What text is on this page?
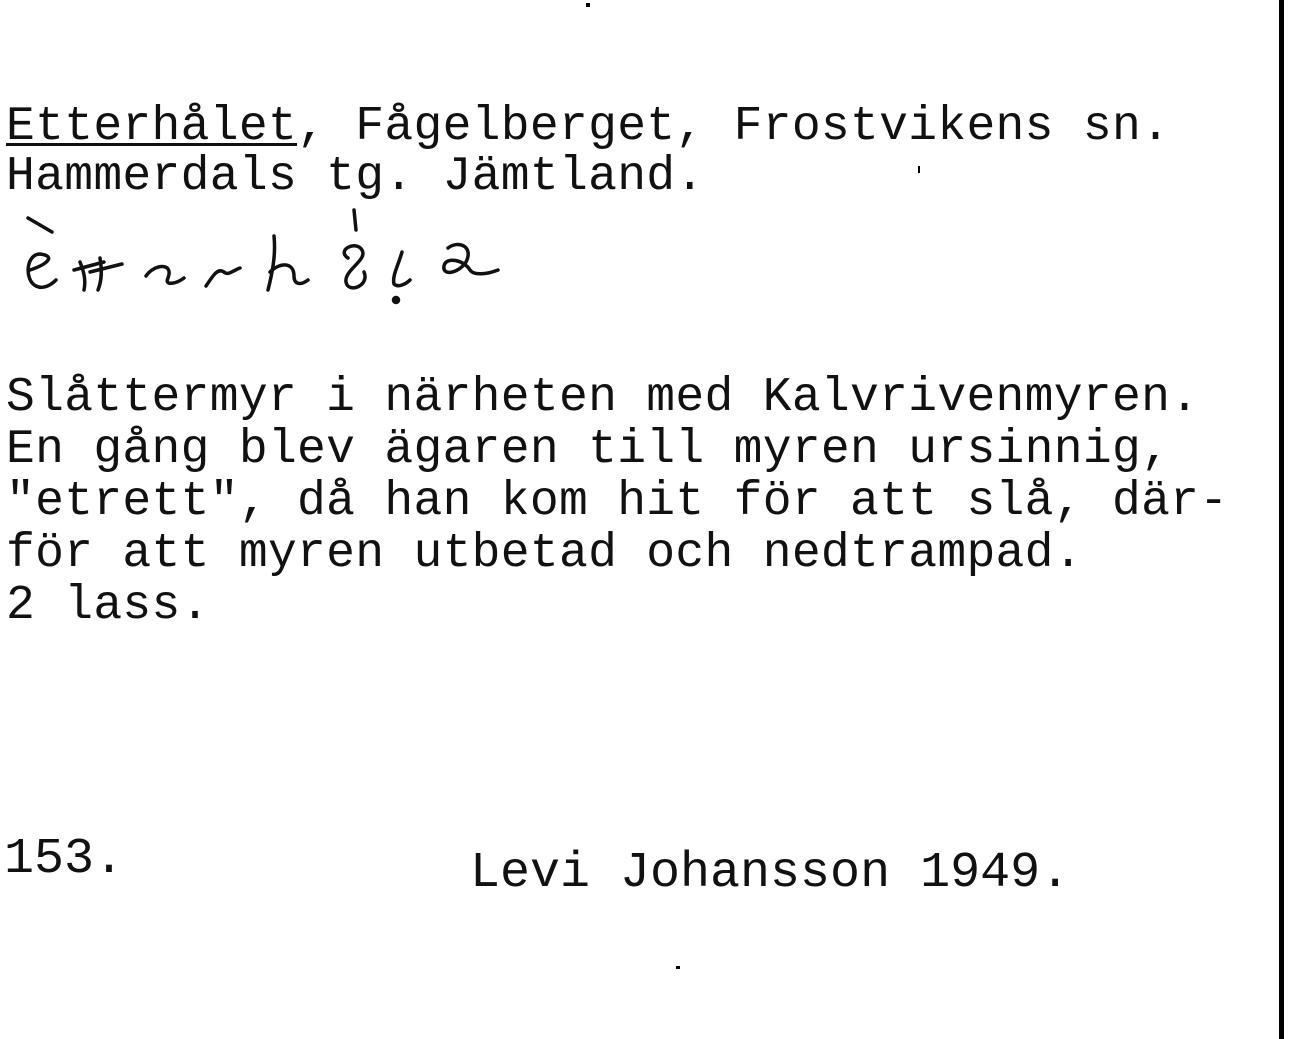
Etterhålet, Fågelberget, Frostvikens sn.
Hammerdals tg. Jämtland.
Slåttermyr i närheten med Kalvrivenmyren.
En gång blev ägaren till myren ursinnig,
"etrett", då han kom hit för att slå, där-
för att myren utbetad och nedtrampad.
2 lass.
153.	Levi Johansson 1949.
